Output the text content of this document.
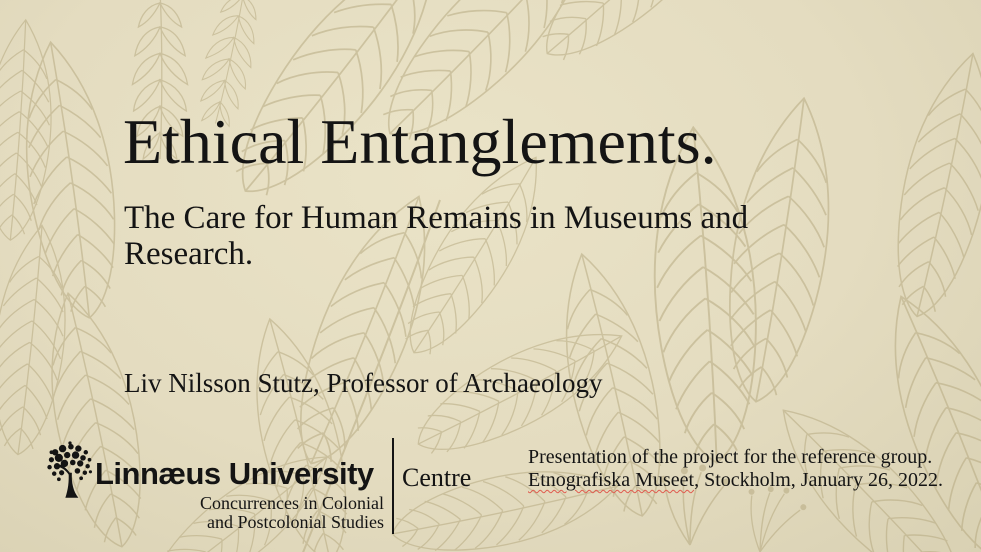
Ethical Entanglements.
The Care for Human Remains in Museums and Research.
Liv Nilsson Stutz, Professor of Archaeology
Linnæus University
Concurrences in Colonial
and Postcolonial Studies
Centre
Presentation of the project for the reference group.
Etnografiska Museet, Stockholm, January 26, 2022.
